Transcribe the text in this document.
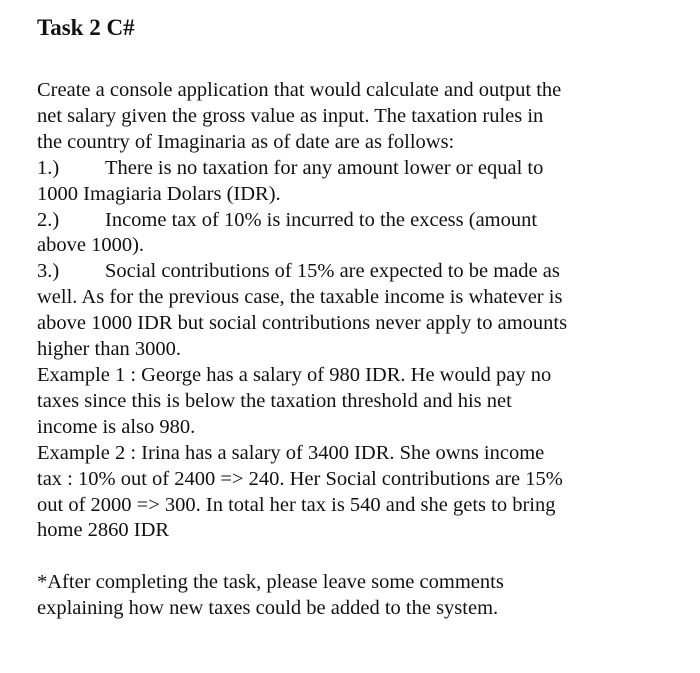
Task 2 C#

Create a console application that would calculate and output the

net salary given the gross value as input. The taxation rules in

the country of Imaginaria as of date are as follows:

1.) There is no taxation for any amount lower or equal to

1000 Imagiaria Dolars (IDR).

2.) Income tax of 10% is incurred to the excess (amount

above 1000).

3.) Social contributions of 15% are expected to be made as

well. As for the previous case, the taxable income is whatever is

above 1000 IDR but social contributions never apply to amounts

higher than 3000.

Example 1 : George has a salary of 980 IDR. He would pay no

taxes since this is below the taxation threshold and his net

income is also 980.

Example 2 : Irina has a salary of 3400 IDR. She owns income

tax : 10% out of 2400 => 240. Her Social contributions are 15%

out of 2000 => 300. In total her tax is 540 and she gets to bring

home 2860 IDR

*After completing the task, please leave some comments

explaining how new taxes could be added to the system.
